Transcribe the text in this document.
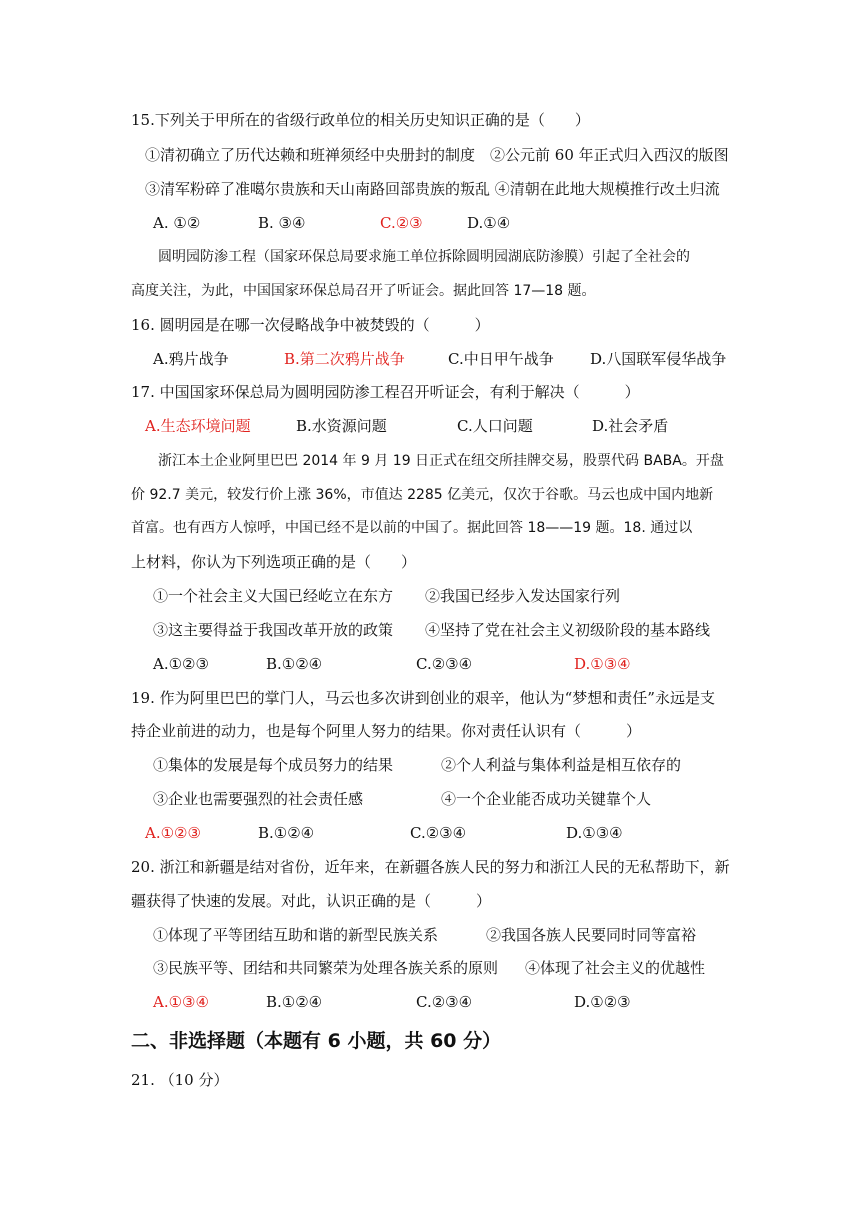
15.下列关于甲所在的省级行政单位的相关历史知识正确的是（　　）
①清初确立了历代达赖和班禅须经中央册封的制度　②公元前 60 年正式归入西汉的版图
③清军粉碎了准噶尔贵族和天山南路回部贵族的叛乱 ④清朝在此地大规模推行改土归流
A. ①②	B. ③④	C.②③	D.①④
圆明园防渗工程（国家环保总局要求施工单位拆除圆明园湖底防渗膜）引起了全社会的
高度关注，为此，中国国家环保总局召开了听证会。据此回答 17—18 题。
16. 圆明园是在哪一次侵略战争中被焚毁的（　　　）
A.鸦片战争	B.第二次鸦片战争	C.中日甲午战争 D.八国联军侵华战争
17. 中国国家环保总局为圆明园防渗工程召开听证会，有利于解决（　　　）
A.生态环境问题	B.水资源问题	C.人口问题	D.社会矛盾
浙江本土企业阿里巴巴 2014 年 9 月 19 日正式在纽交所挂牌交易，股票代码 BABA。开盘
价 92.7 美元，较发行价上涨 36%，市值达 2285 亿美元，仅次于谷歌。马云也成中国内地新
首富。也有西方人惊呼，中国已经不是以前的中国了。据此回答 18——19 题。18. 通过以
上材料，你认为下列选项正确的是（　　）
①一个社会主义大国已经屹立在东方 ②我国已经步入发达国家行列
③这主要得益于我国改革开放的政策 ④坚持了党在社会主义初级阶段的基本路线
A.①②③	B.①②④	C.②③④	D.①③④
19. 作为阿里巴巴的掌门人，马云也多次讲到创业的艰辛，他认为“梦想和责任”永远是支
持企业前进的动力，也是每个阿里人努力的结果。你对责任认识有（　　　）
①集体的发展是每个成员努力的结果	②个人利益与集体利益是相互依存的
③企业也需要强烈的社会责任感	④一个企业能否成功关键靠个人
A.①②③	B.①②④	C.②③④	D.①③④
20. 浙江和新疆是结对省份，近年来，在新疆各族人民的努力和浙江人民的无私帮助下，新
疆获得了快速的发展。对此，认识正确的是（　　　）
①体现了平等团结互助和谐的新型民族关系	②我国各族人民要同时同等富裕
③民族平等、团结和共同繁荣为处理各族关系的原则 ④体现了社会主义的优越性
A.①③④	B.①②④	C.②③④	D.①②③
二、非选择题（本题有 6 小题，共 60 分）
21. （10 分）
